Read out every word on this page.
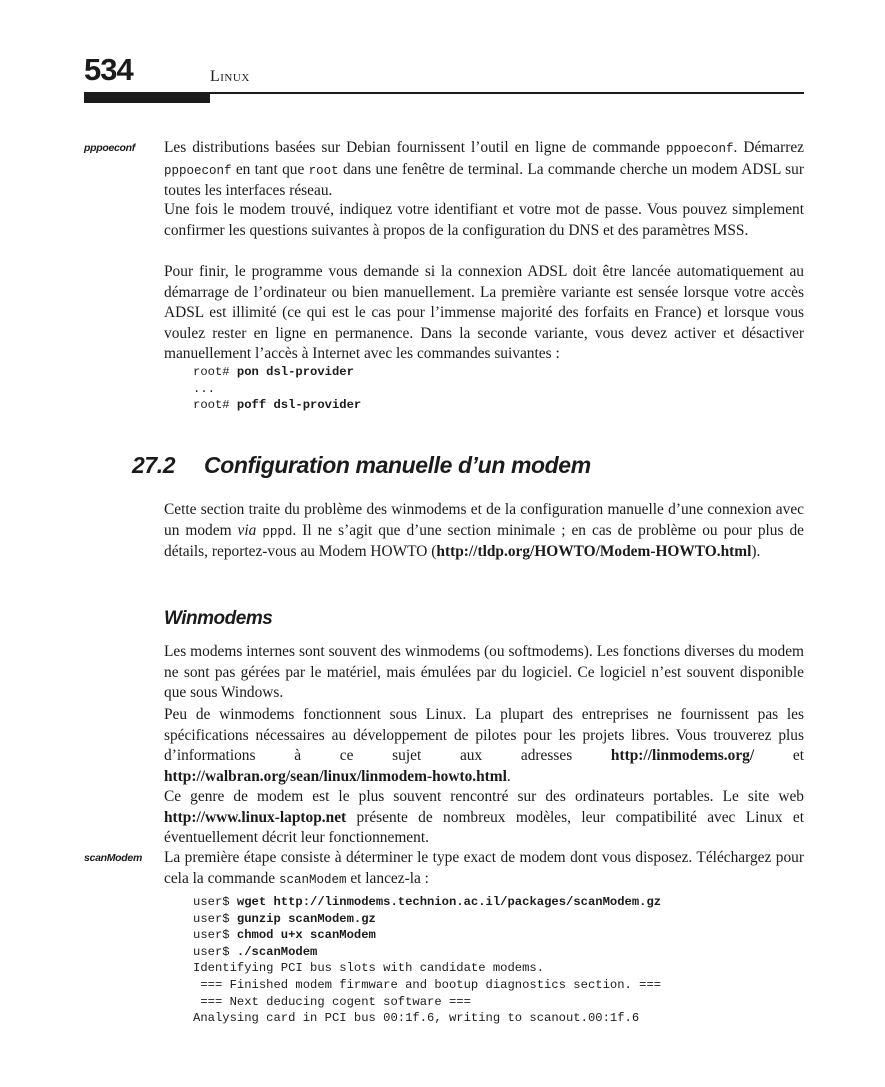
534	Linux
pppoeconf Les distributions basées sur Debian fournissent l’outil en ligne de commande pppoeconf. Démarrez pppoeconf en tant que root dans une fenêtre de terminal. La commande cherche un modem ADSL sur toutes les interfaces réseau.

Une fois le modem trouvé, indiquez votre identifiant et votre mot de passe. Vous pouvez simplement confirmer les questions suivantes à propos de la configuration du DNS et des paramètres MSS.

Pour finir, le programme vous demande si la connexion ADSL doit être lancée automatiquement au démarrage de l’ordinateur ou bien manuellement. La première variante est sensée lorsque votre accès ADSL est illimité (ce qui est le cas pour l’immense majorité des forfaits en France) et lorsque vous voulez rester en ligne en permanence. Dans la seconde variante, vous devez activer et désactiver manuellement l’accès à Internet avec les commandes suivantes :

root# pon dsl-provider
...
root# poff dsl-provider
27.2 Configuration manuelle d’un modem

Cette section traite du problème des winmodems et de la configuration manuelle d’une connexion avec un modem via pppd. Il ne s’agit que d’une section minimale ; en cas de problème ou pour plus de détails, reportez-vous au Modem HOWTO (http://tldp.org/HOWTO/Modem-HOWTO.html).

Winmodems

Les modems internes sont souvent des winmodems (ou softmodems). Les fonctions diverses du modem ne sont pas gérées par le matériel, mais émulées par du logiciel. Ce logiciel n’est souvent disponible que sous Windows.

Peu de winmodems fonctionnent sous Linux. La plupart des entreprises ne fournissent pas les spécifications nécessaires au développement de pilotes pour les projets libres. Vous trouverez plus d’informations à ce sujet aux adresses http://linmodems.org/ et http://walbran.org/sean/linux/linmodem-howto.html.

Ce genre de modem est le plus souvent rencontré sur des ordinateurs portables. Le site web http://www.linux-laptop.net présente de nombreux modèles, leur compatibilité avec Linux et éventuellement décrit leur fonctionnement.

scanModem La première étape consiste à déterminer le type exact de modem dont vous disposez. Téléchargez pour cela la commande scanModem et lancez-la :

user$ wget http://linmodems.technion.ac.il/packages/scanModem.gz
user$ gunzip scanModem.gz
user$ chmod u+x scanModem
user$ ./scanModem
Identifying PCI bus slots with candidate modems.
=== Finished modem firmware and bootup diagnostics section. ===
=== Next deducing cogent software ===
Analysing card in PCI bus 00:1f.6, writing to scanout.00:1f.6
